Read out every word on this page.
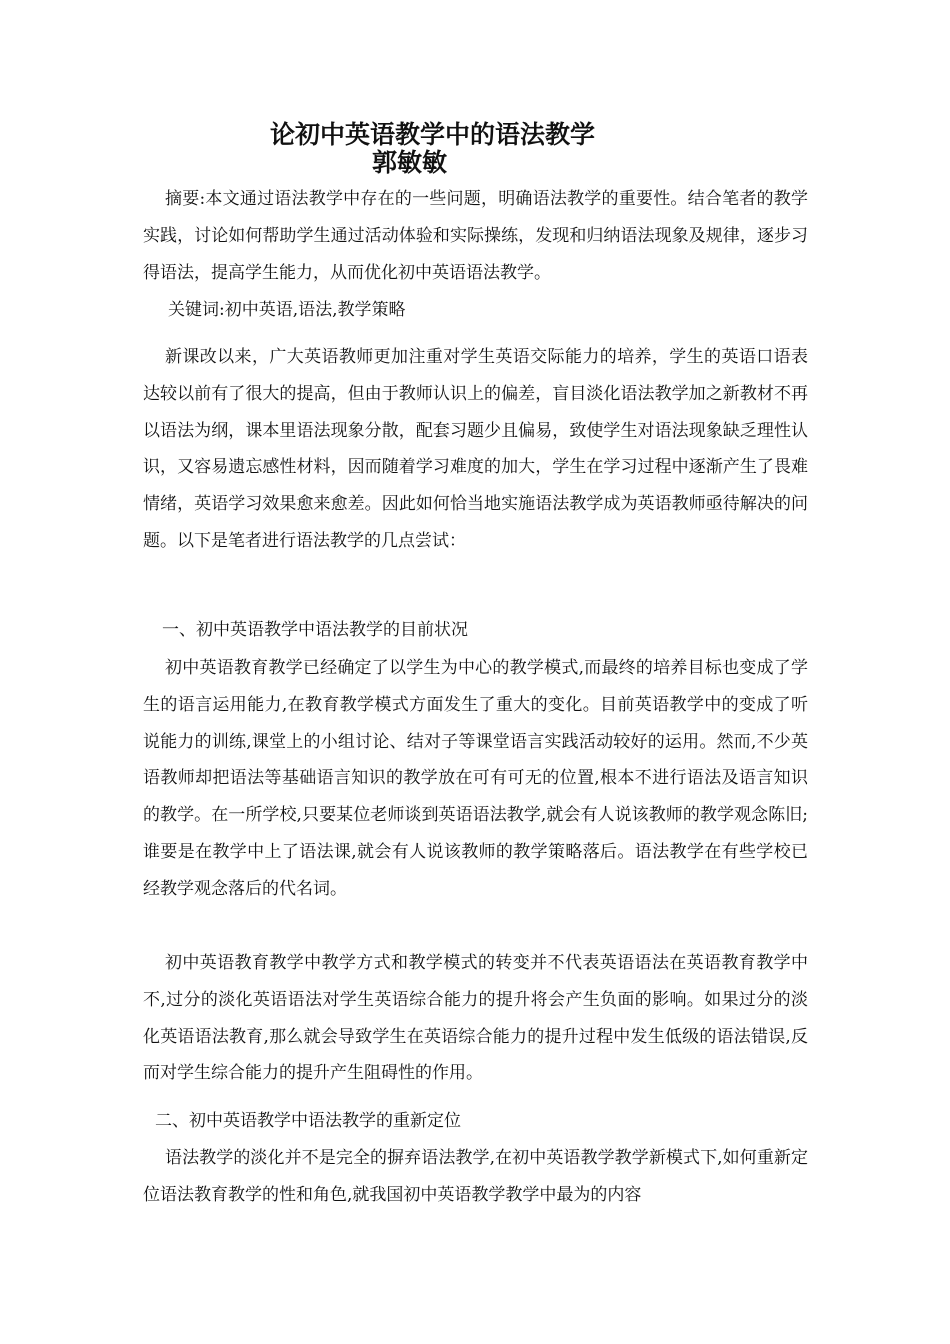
论初中英语教学中的语法教学
郭敏敏

摘要:本文通过语法教学中存在的一些问题，明确语法教学的重要性。结合笔者的教学实践，讨论如何帮助学生通过活动体验和实际操练，发现和归纳语法现象及规律，逐步习得语法，提高学生能力，从而优化初中英语语法教学。

关键词:初中英语,语法,教学策略

新课改以来，广大英语教师更加注重对学生英语交际能力的培养，学生的英语口语表达较以前有了很大的提高，但由于教师认识上的偏差，盲目淡化语法教学加之新教材不再以语法为纲，课本里语法现象分散，配套习题少且偏易，致使学生对语法现象缺乏理性认识，又容易遗忘感性材料，因而随着学习难度的加大，学生在学习过程中逐渐产生了畏难情绪，英语学习效果愈来愈差。因此如何恰当地实施语法教学成为英语教师亟待解决的问题。以下是笔者进行语法教学的几点尝试：

一、初中英语教学中语法教学的目前状况

初中英语教育教学已经确定了以学生为中心的教学模式,而最终的培养目标也变成了学生的语言运用能力,在教育教学模式方面发生了重大的变化。目前英语教学中的变成了听说能力的训练,课堂上的小组讨论、结对子等课堂语言实践活动较好的运用。然而,不少英语教师却把语法等基础语言知识的教学放在可有可无的位置,根本不进行语法及语言知识的教学。在一所学校,只要某位老师谈到英语语法教学,就会有人说该教师的教学观念陈旧;谁要是在教学中上了语法课,就会有人说该教师的教学策略落后。语法教学在有些学校已经教学观念落后的代名词。

初中英语教育教学中教学方式和教学模式的转变并不代表英语语法在英语教育教学中不,过分的淡化英语语法对学生英语综合能力的提升将会产生负面的影响。如果过分的淡化英语语法教育,那么就会导致学生在英语综合能力的提升过程中发生低级的语法错误,反而对学生综合能力的提升产生阻碍性的作用。

二、初中英语教学中语法教学的重新定位

语法教学的淡化并不是完全的摒弃语法教学,在初中英语教学教学新模式下,如何重新定位语法教育教学的性和角色,就我国初中英语教学教学中最为的内容
